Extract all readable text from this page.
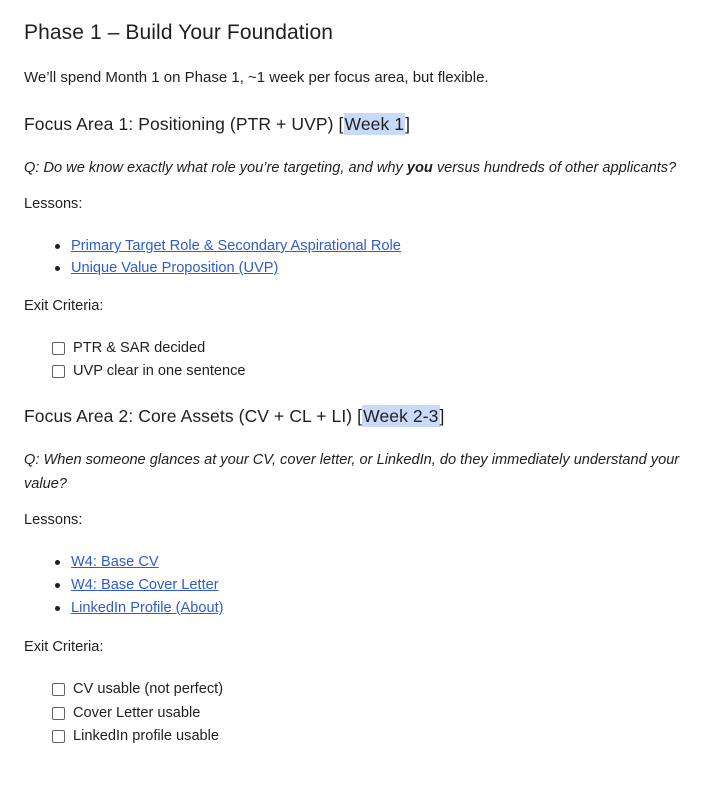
Phase 1 – Build Your Foundation

We’ll spend Month 1 on Phase 1, ~1 week per focus area, but flexible.

Focus Area 1: Positioning (PTR + UVP) [Week 1]

Q: Do we know exactly what role you’re targeting, and why you versus hundreds of other applicants?

Lessons:

Primary Target Role & Secondary Aspirational Role
Unique Value Proposition (UVP)

Exit Criteria:

PTR & SAR decided
UVP clear in one sentence
Focus Area 2: Core Assets (CV + CL + LI) [Week 2-3]

Q: When someone glances at your CV, cover letter, or LinkedIn, do they immediately understand your value?

Lessons:

W4: Base CV
W4: Base Cover Letter
LinkedIn Profile (About)

Exit Criteria:

CV usable (not perfect)
Cover Letter usable
LinkedIn profile usable
